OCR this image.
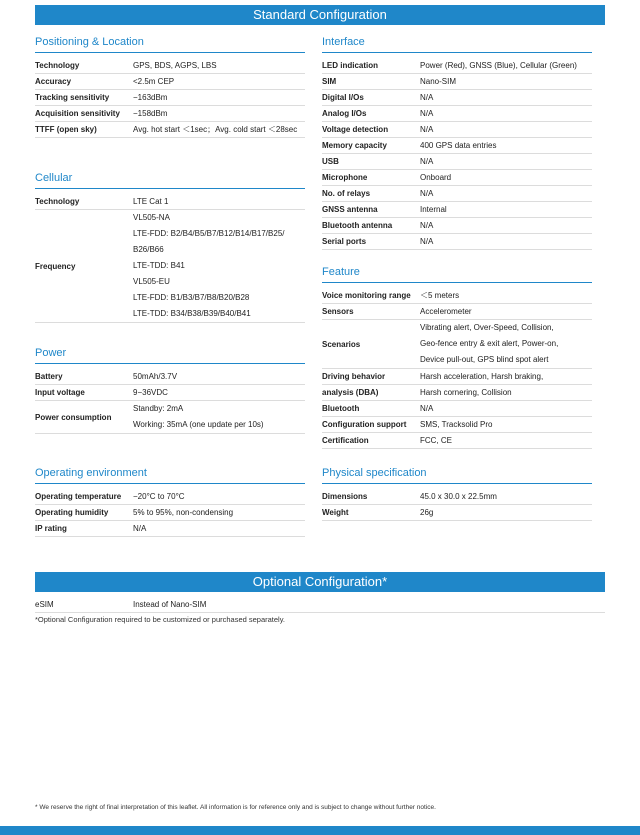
Standard Configuration
Positioning & Location
Technology	GPS, BDS, AGPS, LBS
Accuracy	<2.5m CEP
Tracking sensitivity	−163dBm
Acquisition sensitivity	−158dBm
TTFF (open sky)	Avg. hot start ＜1sec；Avg. cold start ＜28sec
Cellular
Technology	LTE Cat 1
Frequency
VL505-NA
LTE-FDD: B2/B4/B5/B7/B12/B14/B17/B25/
B26/B66
LTE-TDD: B41
VL505-EU
LTE-FDD: B1/B3/B7/B8/B20/B28
LTE-TDD: B34/B38/B39/B40/B41
Power
Battery	50mAh/3.7V
Input voltage	9−36VDC
Power consumption
Standby: 2mA
Working: 35mA (one update per 10s)
Operating environment
Operating temperature	−20°C to 70°C
Operating humidity	5% to 95%, non-condensing
IP rating	N/A
Interface
LED indication	Power (Red), GNSS (Blue), Cellular (Green)
SIM	Nano-SIM
Digital I/Os	N/A
Analog I/Os	N/A
Voltage detection	N/A
Memory capacity	400 GPS data entries
USB	N/A
Microphone	Onboard
No. of relays	N/A
GNSS antenna	Internal
Bluetooth antenna	N/A
Serial ports	N/A
Feature
Voice monitoring range	＜5 meters
Sensors	Accelerometer
Scenarios
Vibrating alert, Over-Speed, Collision,
Geo-fence entry & exit alert, Power-on,
Device pull-out, GPS blind spot alert
Driving behavior	Harsh acceleration, Harsh braking,
analysis (DBA)	Harsh cornering, Collision
Bluetooth	N/A
Configuration support	SMS, Tracksolid Pro
Certification	FCC, CE
Physical specification
Dimensions	45.0 x 30.0 x 22.5mm
Weight	26g
Optional Configuration*
eSIM	Instead of Nano-SIM
*Optional Configuration required to be customized or purchased separately.
* We reserve the right of final interpretation of this leaflet. All information is for reference only and is subject to change without further notice.
